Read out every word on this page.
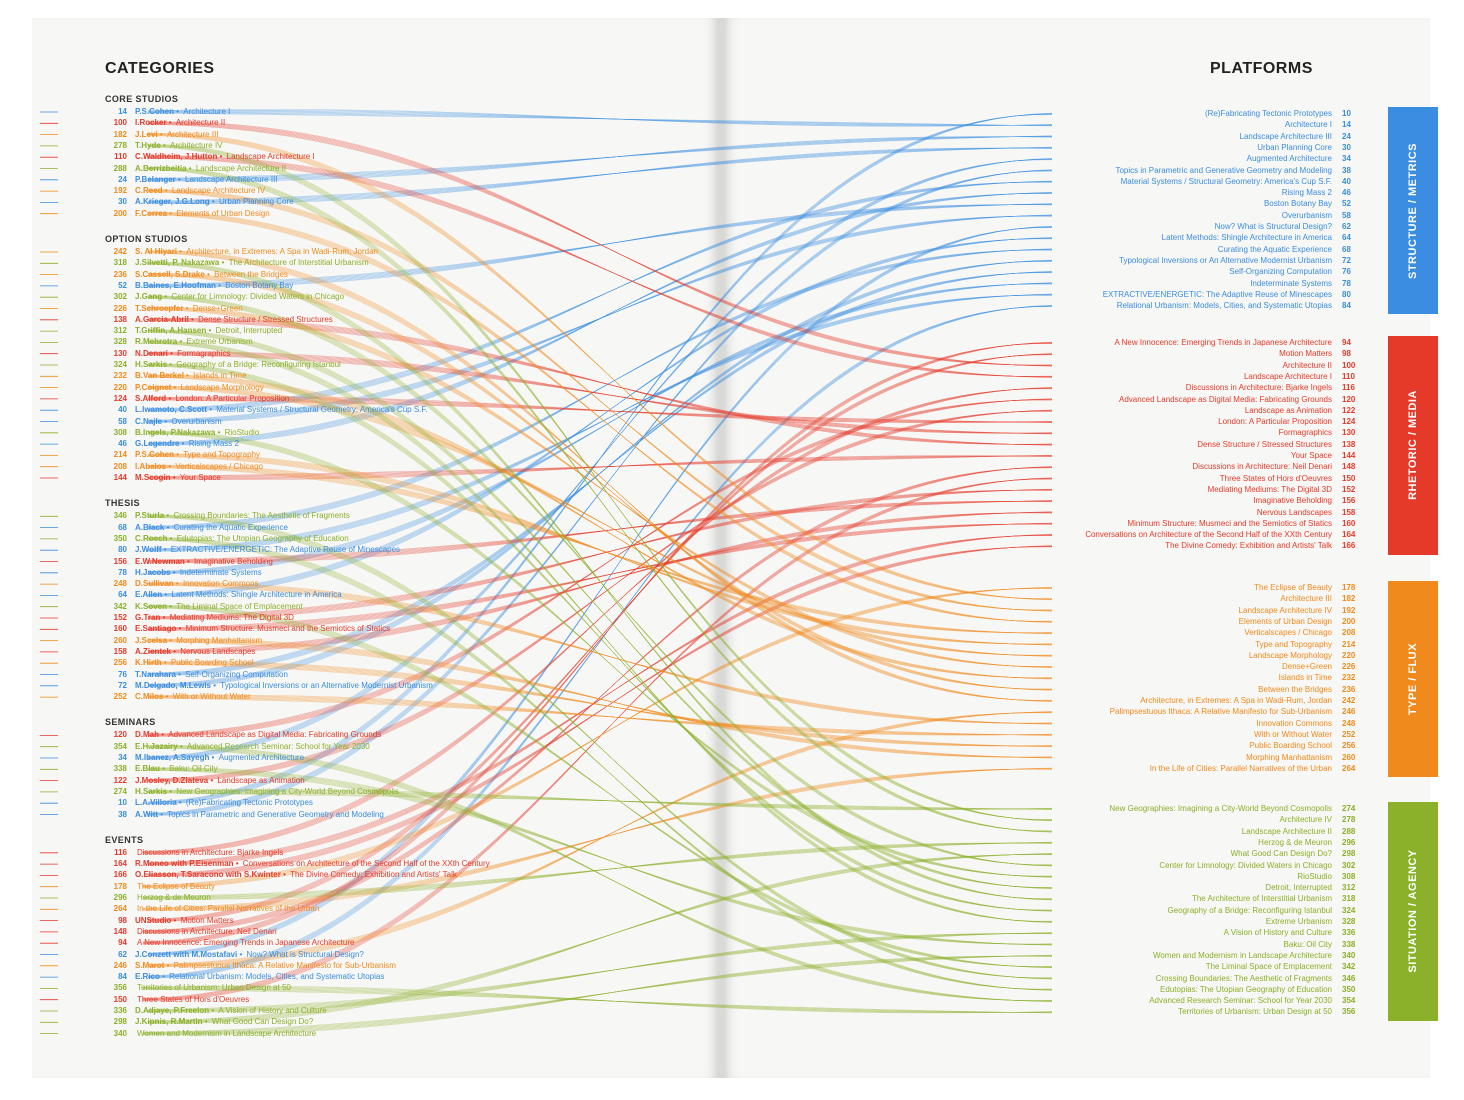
CATEGORIES	PLATFORMS
CORE STUDIOS
14 P.S.Cohen • Architecture I
100 I.Rocker • Architecture II
182 J.Levi • Architecture III
278 T.Hyde • Architecture IV
110 C.Waldheim, J.Hutton • Landscape Architecture I
288 A.Berrizbeitia • Landscape Architecture II
24 P.Belanger • Landscape Architecture III
192 C.Reed • Landscape Architecture IV
30 A.Krieger, J.G.Long • Urban Planning Core
200 F.Correa • Elements of Urban Design
OPTION STUDIOS
242 S. Al Hiyari • Architecture, in Extremes: A Spa in Wadi-Rum, Jordan
318 J.Silvetti, P. Nakazawa • The Architecture of Interstitial Urbanism
236 S.Cassell, S.Drake • Between the Bridges
52 B.Baines, E.Hoofman • Boston Botany Bay
302 J.Gang • Center for Limnology: Divided Waters in Chicago
226 T.Schroepfer • Dense+Green
138 A.Garcia-Abril • Dense Structure / Stressed Structures
312 T.Griffin, A.Hansen • Detroit, Interrupted
328 R.Mehrotra • Extreme Urbanism
130 N.Denari • Formagraphics
324 H.Sarkis • Geography of a Bridge: Reconfiguring Istanbul
232 B.Van Berkel • Islands in Time
220 P.Coignet • Landscape Morphology
124 S.Alford • London: A Particular Proposition
40 L.Iwamoto, C.Scott • Material Systems / Structural Geometry: America's Cup S.F.
58 C.Najle • Overurbanism
308 B.Ingels, P.Nakazawa • RioStudio
46 G.Legendre • Rising Mass 2
214 P.S.Cohen • Type and Topography
208 I.Abalos • Verticalscapes / Chicago
144 M.Scogin • Your Space
THESIS
346 P.Sturla • Crossing Boundaries: The Aesthetic of Fragments
68 A.Black • Curating the Aquatic Experience
350 C.Roech • Edutopias: The Utopian Geography of Education
80 J.Wolff • EXTRACTIVE/ENERGETIC: The Adaptive Reuse of Minescapes
156 E.W.Newman • Imaginative Beholding
78 H.Jacobs • Indeterminate Systems
248 D.Sullivan • Innovation Commons
64 E.Allen • Latent Methods: Shingle Architecture in America
342 K.Soven • The Liminal Space of Emplacement
152 G.Tran • Mediating Mediums: The Digital 3D
160 E.Santiago • Minimum Structure: Musmeci and the Semiotics of Statics
260 J.Scelsa • Morphing Manhattanism
158 A.Zientek • Nervous Landscapes
256 K.Hirth • Public Boarding School
76 T.Narahara • Self-Organizing Computation
72 M.Delgado, M.Lewis • Typological Inversions or an Alternative Modernist Urbanism
252 C.Milos • With or Without Water
SEMINARS
120 D.Mah • Advanced Landscape as Digital Media: Fabricating Grounds
354 E.H.Jazairy • Advanced Research Seminar: School for Year 2030
34 M.Ibanez, A.Sayegh • Augmented Architecture
338 E.Blau • Baku: Oil City
122 J.Mosley, D.Zlateva • Landscape as Animation
274 H.Sarkis • New Geographies: Imagining a City-World Beyond Cosmopolis
10 L.A.Villoria • (Re)Fabricating Tectonic Prototypes
38 A.Witt • Topics in Parametric and Generative Geometry and Modeling
EVENTS
116 Discussions in Architecture: Bjarke Ingels
164 R.Moneo with P.Eisenman • Conversations on Architecture of the Second Half of the XXth Century
166 O.Eliasson, T.Saracono with S.Kwinter • The Divine Comedy: Exhibition and Artists' Talk
178 The Eclipse of Beauty
296 Herzog & de Meuron
264 In the Life of Cities: Parallel Narratives of the Urban
98 UNStudio • Motion Matters
148 Discussions in Architecture: Neil Denari
94 A New Innocence: Emerging Trends in Japanese Architecture
62 J.Conzett with M.Mostafavi • Now? What is Structural Design?
246 S.Marot • Palimpsestuous Ithaca: A Relative Manifesto for Sub-Urbanism
84 E.Rico • Relational Urbanism: Models, Cities, and Systematic Utopias
356 Territories of Urbanism: Urban Design at 50
150 Three States of Hors d'Oeuvres
336 D.Adjaye, P.Freelon • A Vision of History and Culture
298 J.Kipnis, R.Martin • What Good Can Design Do?
340 Women and Modernism in Landscape Architecture
(Re)Fabricating Tectonic Prototypes 10
Architecture I 14
Landscape Architecture III 24
Urban Planning Core 30
Augmented Architecture 34
Topics in Parametric and Generative Geometry and Modeling 38
Material Systems / Structural Geometry: America's Cup S.F. 40
Rising Mass 2 46
Boston Botany Bay 52
Overurbanism 58
Now? What is Structural Design? 62
Latent Methods: Shingle Architecture in America 64
Curating the Aquatic Experience 68
Typological Inversions or An Alternative Modernist Urbanism 72
Self-Organizing Computation 76
Indeterminate Systems 78
EXTRACTIVE/ENERGETIC: The Adaptive Reuse of Minescapes 80
Relational Urbanism: Models, Cities, and Systematic Utopias 84
STRUCTURE / METRICS
A New Innocence: Emerging Trends in Japanese Architecture 94
Motion Matters 98
Architecture II 100
Landscape Architecture I 110
Discussions in Architecture: Bjarke Ingels 116
Advanced Landscape as Digital Media: Fabricating Grounds 120
Landscape as Animation 122
London: A Particular Proposition 124
Formagraphics 130
Dense Structure / Stressed Structures 138
Your Space 144
Discussions in Architecture: Neil Denari 148
Three States of Hors d'Oeuvres 150
Mediating Mediums: The Digital 3D 152
Imaginative Beholding 156
Nervous Landscapes 158
Minimum Structure: Musmeci and the Semiotics of Statics 160
Conversations on Architecture of the Second Half of the XXth Century 164
The Divine Comedy: Exhibition and Artists' Talk 166
RHETORIC / MEDIA
The Eclipse of Beauty 178
Architecture III 182
Landscape Architecture IV 192
Elements of Urban Design 200
Verticalscapes / Chicago 208
Type and Topography 214
Landscape Morphology 220
Dense+Green 226
Islands in Time 232
Between the Bridges 236
Architecture, in Extremes: A Spa in Wadi-Rum, Jordan 242
Palimpsestuous Ithaca: A Relative Manifesto for Sub-Urbanism 246
Innovation Commons 248
With or Without Water 252
Public Boarding School 256
Morphing Manhattanism 260
In the Life of Cities: Parallel Narratives of the Urban 264
TYPE / FLUX
New Geographies: Imagining a City-World Beyond Cosmopolis 274
Architecture IV 278
Landscape Architecture II 288
Herzog & de Meuron 296
What Good Can Design Do? 298
Center for Limnology: Divided Waters in Chicago 302
RioStudio 308
Detroit, Interrupted 312
The Architecture of Interstitial Urbanism 318
Geography of a Bridge: Reconfiguring Istanbul 324
Extreme Urbanism 328
A Vision of History and Culture 336
Baku: Oil City 338
Women and Modernism in Landscape Architecture 340
The Liminal Space of Emplacement 342
Crossing Boundaries: The Aesthetic of Fragments 346
Edutopias: The Utopian Geography of Education 350
Advanced Research Seminar: School for Year 2030 354
Territories of Urbanism: Urban Design at 50 356
SITUATION / AGENCY
